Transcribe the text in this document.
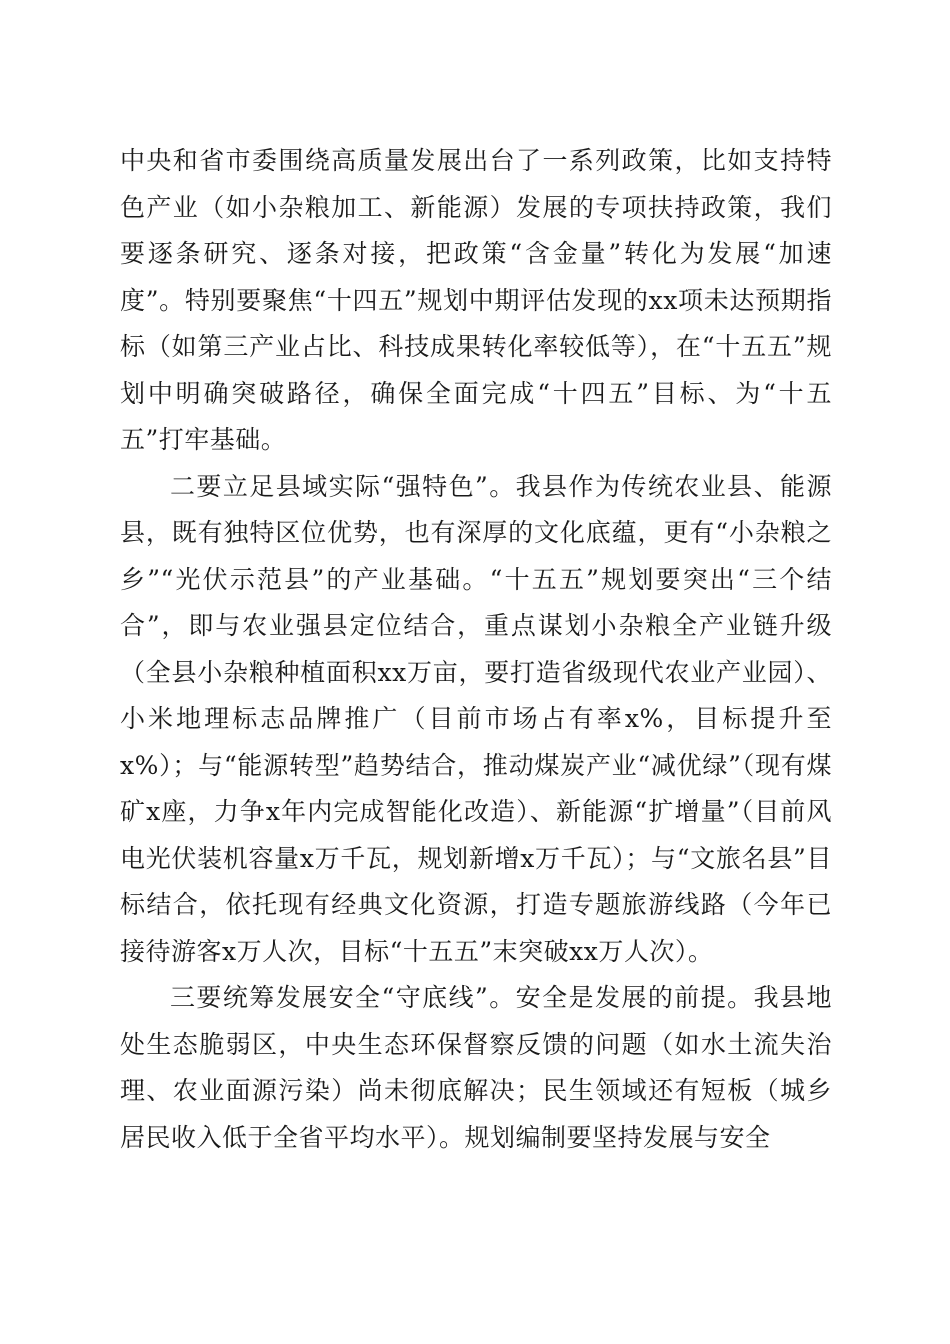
中央和省市委围绕高质量发展出台了一系列政策，比如支持特色产业（如小杂粮加工、新能源）发展的专项扶持政策，我们要逐条研究、逐条对接，把政策“含金量”转化为发展“加速度”。特别要聚焦“十四五”规划中期评估发现的xx项未达预期指标（如第三产业占比、科技成果转化率较低等），在“十五五”规划中明确突破路径，确保全面完成“十四五”目标、为“十五五”打牢基础。

二要立足县域实际“强特色”。我县作为传统农业县、能源县，既有独特区位优势，也有深厚的文化底蕴，更有“小杂粮之乡”“光伏示范县”的产业基础。“十五五”规划要突出“三个结合”，即与农业强县定位结合，重点谋划小杂粮全产业链升级（全县小杂粮种植面积xx万亩，要打造省级现代农业产业园）、小米地理标志品牌推广（目前市场占有率x%，目标提升至x%）；与“能源转型”趋势结合，推动煤炭产业“减优绿”（现有煤矿x座，力争x年内完成智能化改造）、新能源“扩增量”（目前风电光伏装机容量x万千瓦，规划新增x万千瓦）；与“文旅名县”目标结合，依托现有经典文化资源，打造专题旅游线路（今年已接待游客x万人次，目标“十五五”末突破xx万人次）。

三要统筹发展安全“守底线”。安全是发展的前提。我县地处生态脆弱区，中央生态环保督察反馈的问题（如水土流失治理、农业面源污染）尚未彻底解决；民生领域还有短板（城乡居民收入低于全省平均水平）。规划编制要坚持发展与安全
